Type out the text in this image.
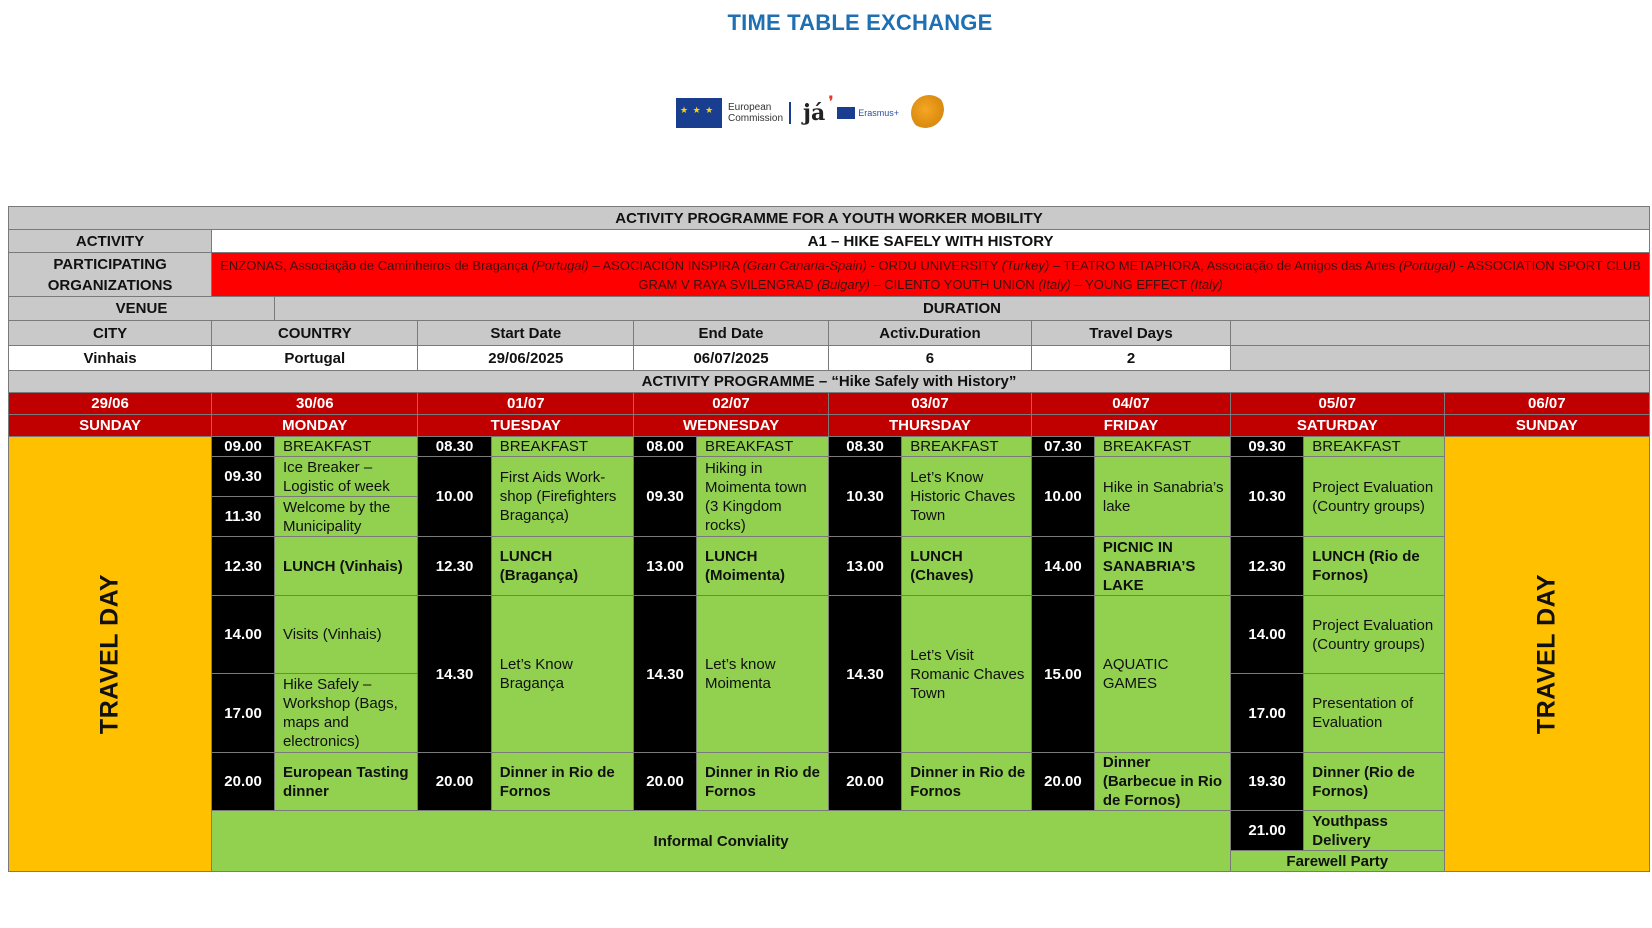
TIME TABLE EXCHANGE
★ ★ ★
European
Commission já ❜
Erasmus+
ACTIVITY PROGRAMME FOR A YOUTH WORKER MOBILITY													
ACTIVITY	A1 – HIKE SAFELY WITH HISTORY												
PARTICIPATING ORGANIZATIONS	ENZONAS, Associação de Caminheiros de Bragança (Portugal) – ASOCIACIÓN INSPIRA (Gran Canaria-Spain) - ORDU UNIVERSITY (Turkey) – TEATRO METAPHORA, Associação de Amigos das Artes (Portugal) - ASSOCIATION SPORT CLUB GRAM V RAYA SVILENGRAD (Bulgary) – CILENTO YOUTH UNION (Italy) – YOUNG EFFECT (Italy)												
VENUE		DURATION											
CITY	COUNTRY		Start Date		End Date		Activ.Duration		Travel Days				
Vinhais	Portugal		29/06/2025		06/07/2025		6		2				
ACTIVITY PROGRAMME – “Hike Safely with History”													
29/06	30/06		01/07		02/07		03/07		04/07		05/07		06/07
SUNDAY	MONDAY		TUESDAY		WEDNESDAY		THURSDAY		FRIDAY		SATURDAY		SUNDAY

TRAVEL DAY	09.00	BREAKFAST	08.30	BREAKFAST	08.00	BREAKFAST	08.30	BREAKFAST	07.30	BREAKFAST	09.30	BREAKFAST	TRAVEL DAY

	09.30	Ice Breaker – Logistic of week	10.00	First Aids Work-shop (Firefighters Bragança)	09.30	Hiking in Moimenta town (3 Kingdom rocks)	10.30	Let’s Know Historic Chaves Town	10.00	Hike in Sanabria’s lake	10.30	Project Evaluation (Country groups)	
	11.30	Welcome by the Municipality											
	12.30	LUNCH (Vinhais)	12.30	LUNCH (Bragança)	13.00	LUNCH (Moimenta)	13.00	LUNCH (Chaves)	14.00	PICNIC IN SANABRIA’S LAKE	12.30	LUNCH (Rio de Fornos)	
	14.00	Visits (Vinhais)	14.30	Let’s Know Bragança	14.30	Let’s know Moimenta	14.30	Let’s Visit Romanic Chaves Town	15.00	AQUATIC GAMES	14.00	Project Evaluation (Country groups)	
	17.00	Hike Safely – Workshop (Bags, maps and electronics)									17.00	Presentation of Evaluation	
	20.00	European Tasting dinner	20.00	Dinner in Rio de Fornos	20.00	Dinner in Rio de Fornos	20.00	Dinner in Rio de Fornos	20.00	Dinner (Barbecue in Rio de Fornos)	19.30	Dinner (Rio de Fornos)	
	Informal Conviality										21.00	Youthpass Delivery	
											Farewell Party		
